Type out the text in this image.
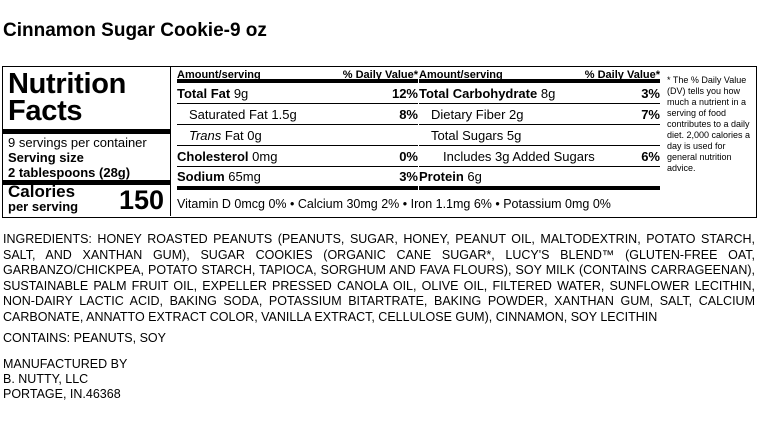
Cinnamon Sugar Cookie-9 oz
Nutrition
Facts
9 servings per container
Serving size
2 tablespoons (28g)
Calories
per serving 150
Amount/serving	% Daily Value*
Total Fat 9g	12%
Saturated Fat 1.5g	8%
Trans Fat 0g
Cholesterol 0mg	0%
Sodium 65mg	3%
Amount/serving	% Daily Value*
Total Carbohydrate 8g	3%
Dietary Fiber 2g	7%
Total Sugars 5g
Includes 3g Added Sugars	6%
Protein 6g
Vitamin D 0mcg 0% • Calcium 30mg 2% • Iron 1.1mg 6% • Potassium 0mg 0%
* The % Daily Value (DV) tells you how much a nutrient in a serving of food contributes to a daily diet. 2,000 calories a day is used for general nutrition advice.
INGREDIENTS: HONEY ROASTED PEANUTS (PEANUTS, SUGAR, HONEY, PEANUT OIL, MALTODEXTRIN, POTATO STARCH, SALT, AND XANTHAN GUM), SUGAR COOKIES (ORGANIC CANE SUGAR*, LUCY'S BLEND™ (GLUTEN-FREE OAT, GARBANZO/CHICKPEA, POTATO STARCH, TAPIOCA, SORGHUM AND FAVA FLOURS), SOY MILK (CONTAINS CARRAGEENAN), SUSTAINABLE PALM FRUIT OIL, EXPELLER PRESSED CANOLA OIL, OLIVE OIL, FILTERED WATER, SUNFLOWER LECITHIN, NON-DAIRY LACTIC ACID, BAKING SODA, POTASSIUM BITARTRATE, BAKING POWDER, XANTHAN GUM, SALT, CALCIUM CARBONATE, ANNATTO EXTRACT COLOR, VANILLA EXTRACT, CELLULOSE GUM), CINNAMON, SOY LECITHIN
CONTAINS: PEANUTS, SOY
MANUFACTURED BY
B. NUTTY, LLC
PORTAGE, IN.46368
